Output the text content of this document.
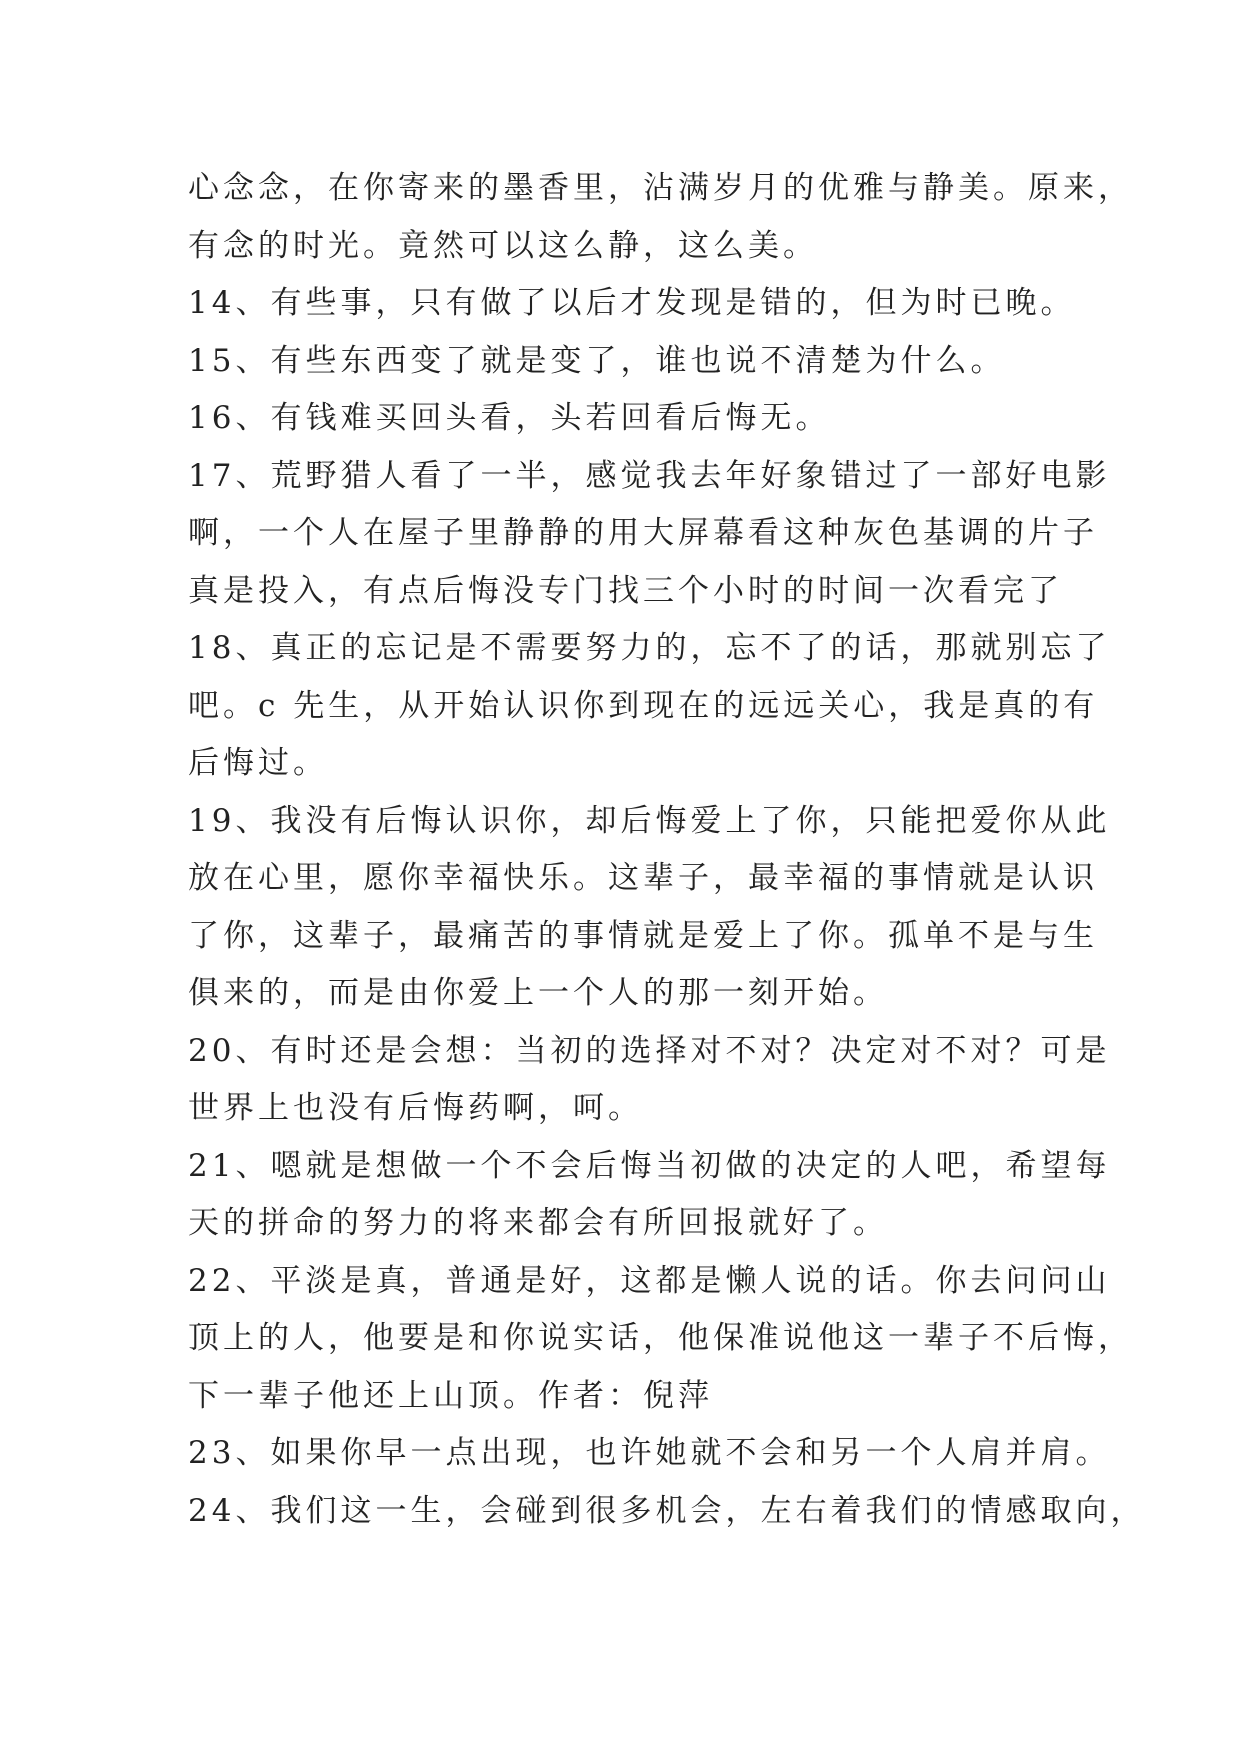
心念念，在你寄来的墨香里，沾满岁月的优雅与静美。原来，
有念的时光。竟然可以这么静，这么美。
14、有些事，只有做了以后才发现是错的，但为时已晚。
15、有些东西变了就是变了，谁也说不清楚为什么。
16、有钱难买回头看，头若回看后悔无。
17、荒野猎人看了一半，感觉我去年好象错过了一部好电影
啊，一个人在屋子里静静的用大屏幕看这种灰色基调的片子
真是投入，有点后悔没专门找三个小时的时间一次看完了
18、真正的忘记是不需要努力的，忘不了的话，那就别忘了
吧。c 先生，从开始认识你到现在的远远关心，我是真的有
后悔过。
19、我没有后悔认识你，却后悔爱上了你，只能把爱你从此
放在心里，愿你幸福快乐。这辈子，最幸福的事情就是认识
了你，这辈子，最痛苦的事情就是爱上了你。孤单不是与生
俱来的，而是由你爱上一个人的那一刻开始。
20、有时还是会想：当初的选择对不对？决定对不对？可是
世界上也没有后悔药啊，呵。
21、嗯就是想做一个不会后悔当初做的决定的人吧，希望每
天的拼命的努力的将来都会有所回报就好了。
22、平淡是真，普通是好，这都是懒人说的话。你去问问山
顶上的人，他要是和你说实话，他保准说他这一辈子不后悔，
下一辈子他还上山顶。作者：倪萍
23、如果你早一点出现，也许她就不会和另一个人肩并肩。
24、我们这一生，会碰到很多机会，左右着我们的情感取向，
